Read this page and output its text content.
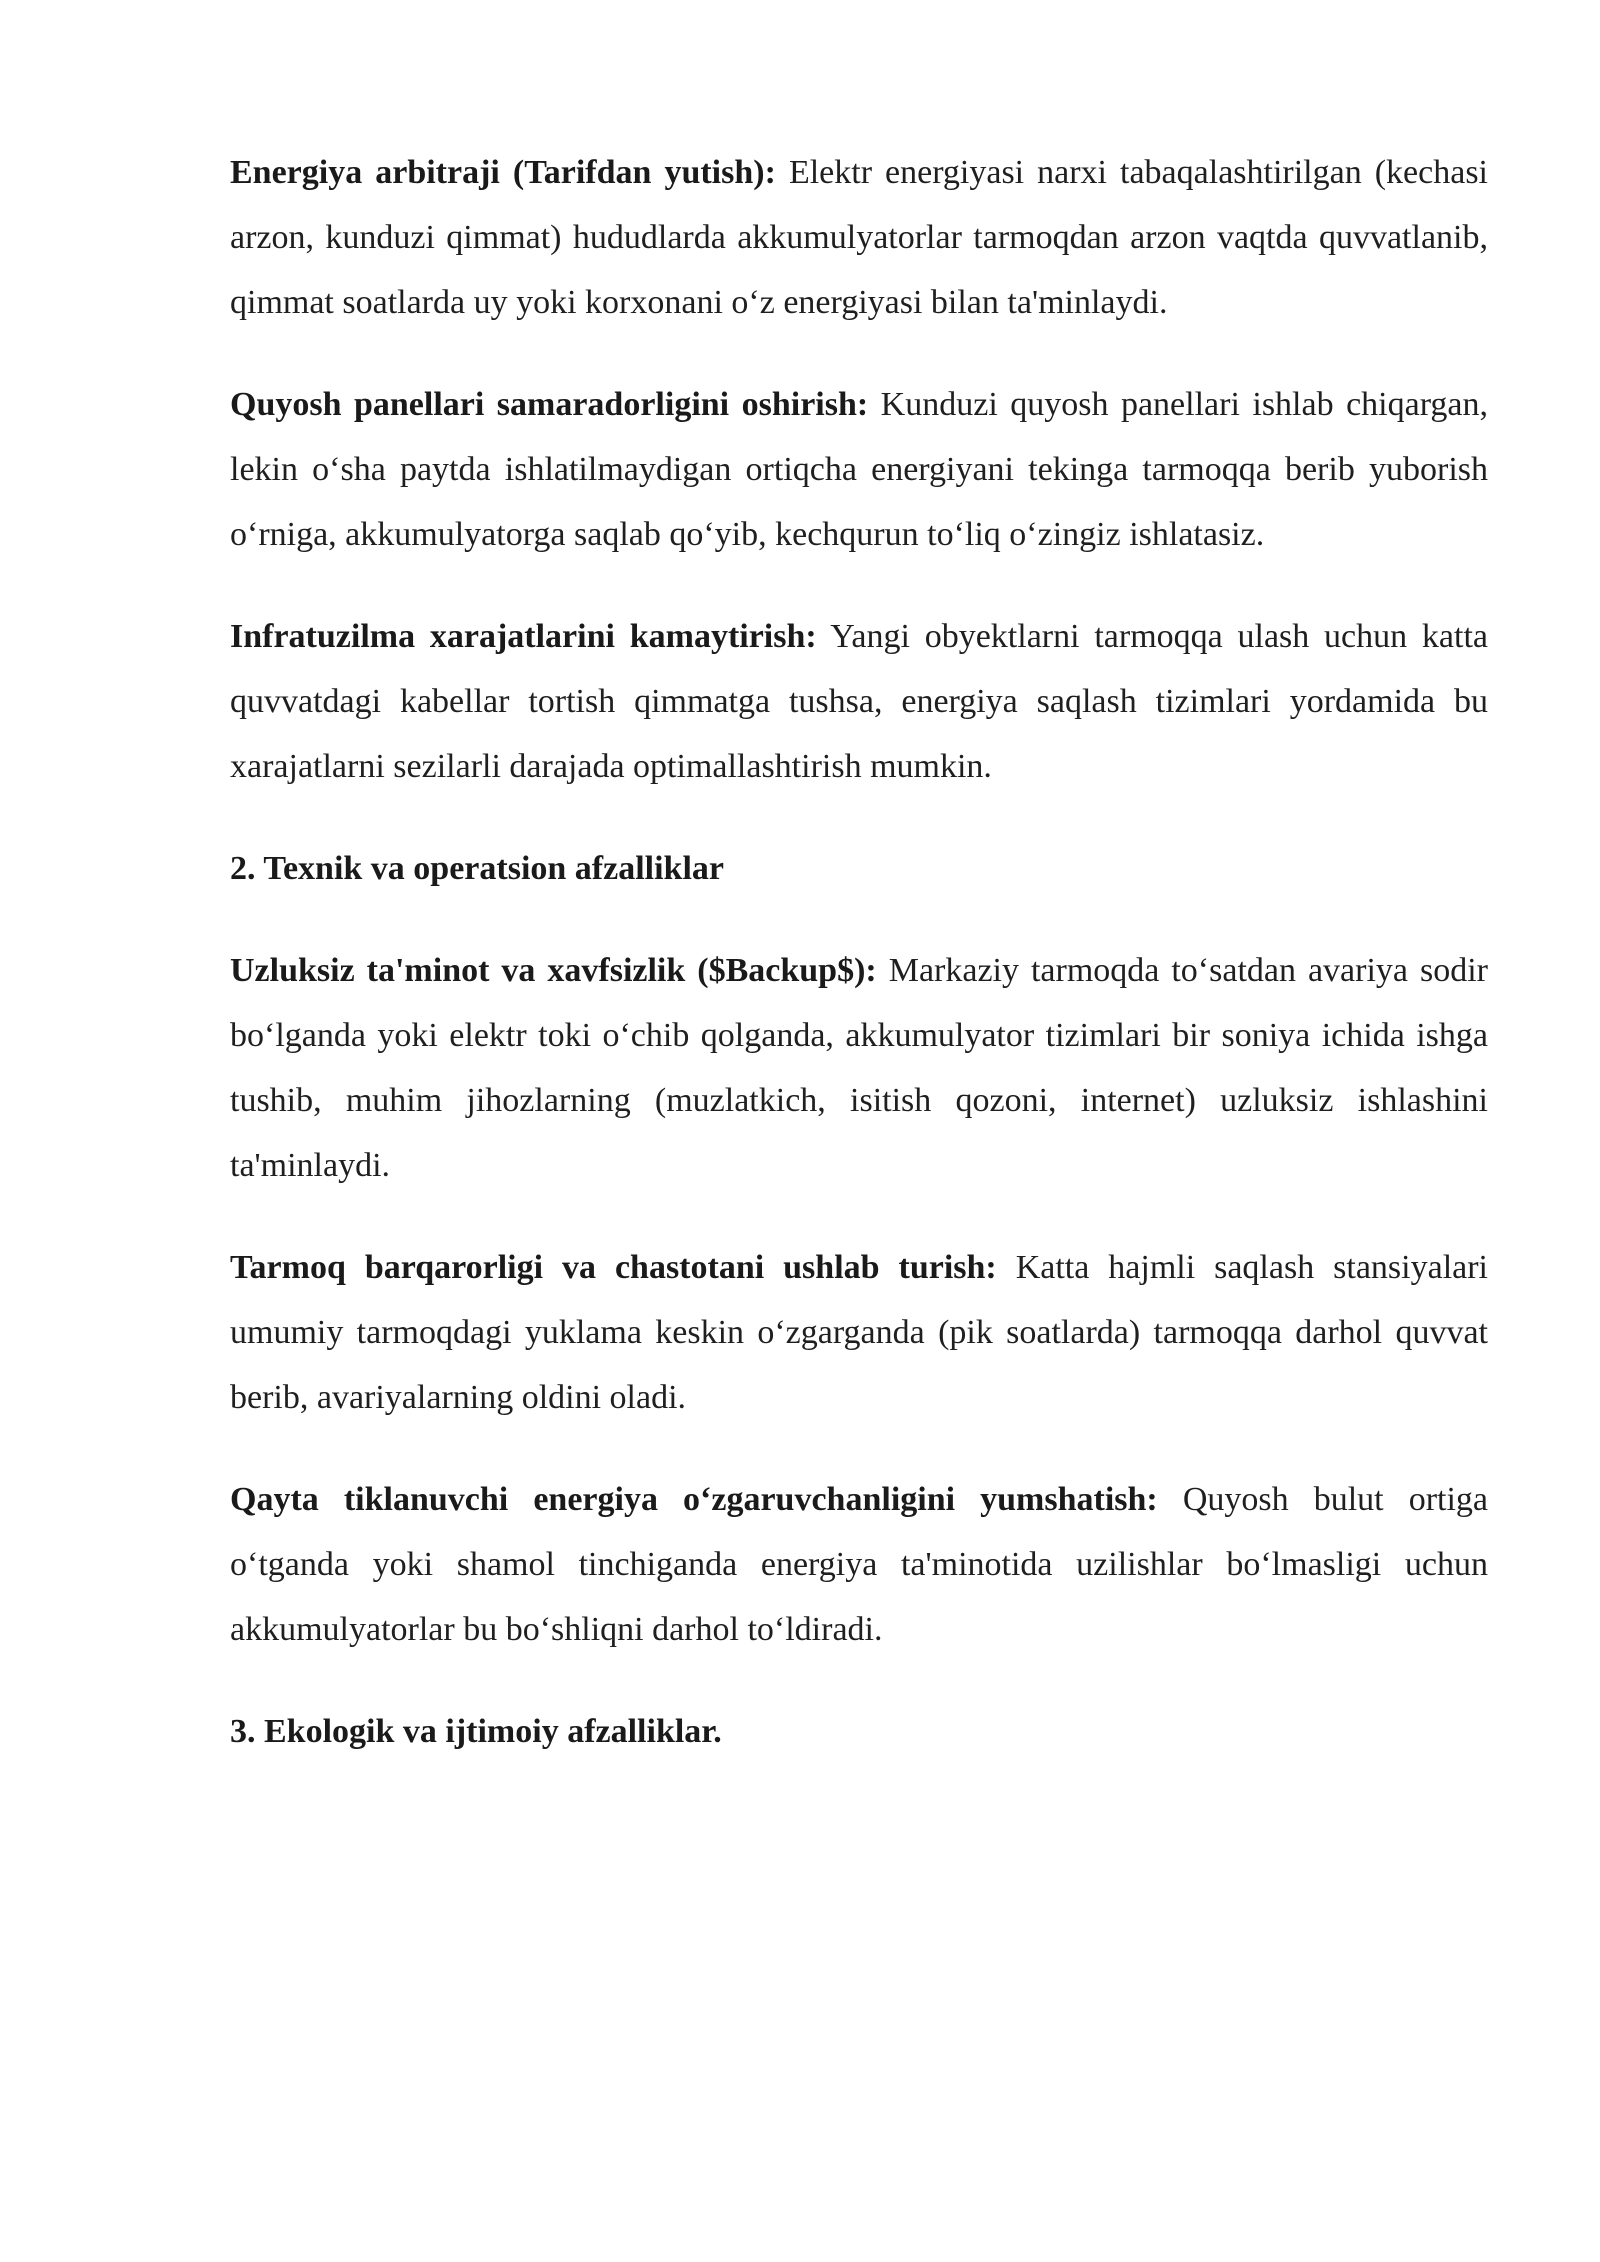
Energiya arbitraji (Tarifdan yutish): Elektr energiyasi narxi tabaqalashtirilgan (kechasi arzon, kunduzi qimmat) hududlarda akkumulyatorlar tarmoqdan arzon vaqtda quvvatlanib, qimmat soatlarda uy yoki korxonani oʻz energiyasi bilan ta'minlaydi.

Quyosh panellari samaradorligini oshirish: Kunduzi quyosh panellari ishlab chiqargan, lekin oʻsha paytda ishlatilmaydigan ortiqcha energiyani tekinga tarmoqqa berib yuborish oʻrniga, akkumulyatorga saqlab qoʻyib, kechqurun toʻliq oʻzingiz ishlatasiz.

Infratuzilma xarajatlarini kamaytirish: Yangi obyektlarni tarmoqqa ulash uchun katta quvvatdagi kabellar tortish qimmatga tushsa, energiya saqlash tizimlari yordamida bu xarajatlarni sezilarli darajada optimallashtirish mumkin.

2. Texnik va operatsion afzalliklar

Uzluksiz ta'minot va xavfsizlik ($Backup$): Markaziy tarmoqda toʻsatdan avariya sodir boʻlganda yoki elektr toki oʻchib qolganda, akkumulyator tizimlari bir soniya ichida ishga tushib, muhim jihozlarning (muzlatkich, isitish qozoni, internet) uzluksiz ishlashini ta'minlaydi.

Tarmoq barqarorligi va chastotani ushlab turish: Katta hajmli saqlash stansiyalari umumiy tarmoqdagi yuklama keskin oʻzgarganda (pik soatlarda) tarmoqqa darhol quvvat berib, avariyalarning oldini oladi.

Qayta tiklanuvchi energiya oʻzgaruvchanligini yumshatish: Quyosh bulut ortiga oʻtganda yoki shamol tinchiganda energiya ta'minotida uzilishlar boʻlmasligi uchun akkumulyatorlar bu boʻshliqni darhol toʻldiradi.

3. Ekologik va ijtimoiy afzalliklar.
